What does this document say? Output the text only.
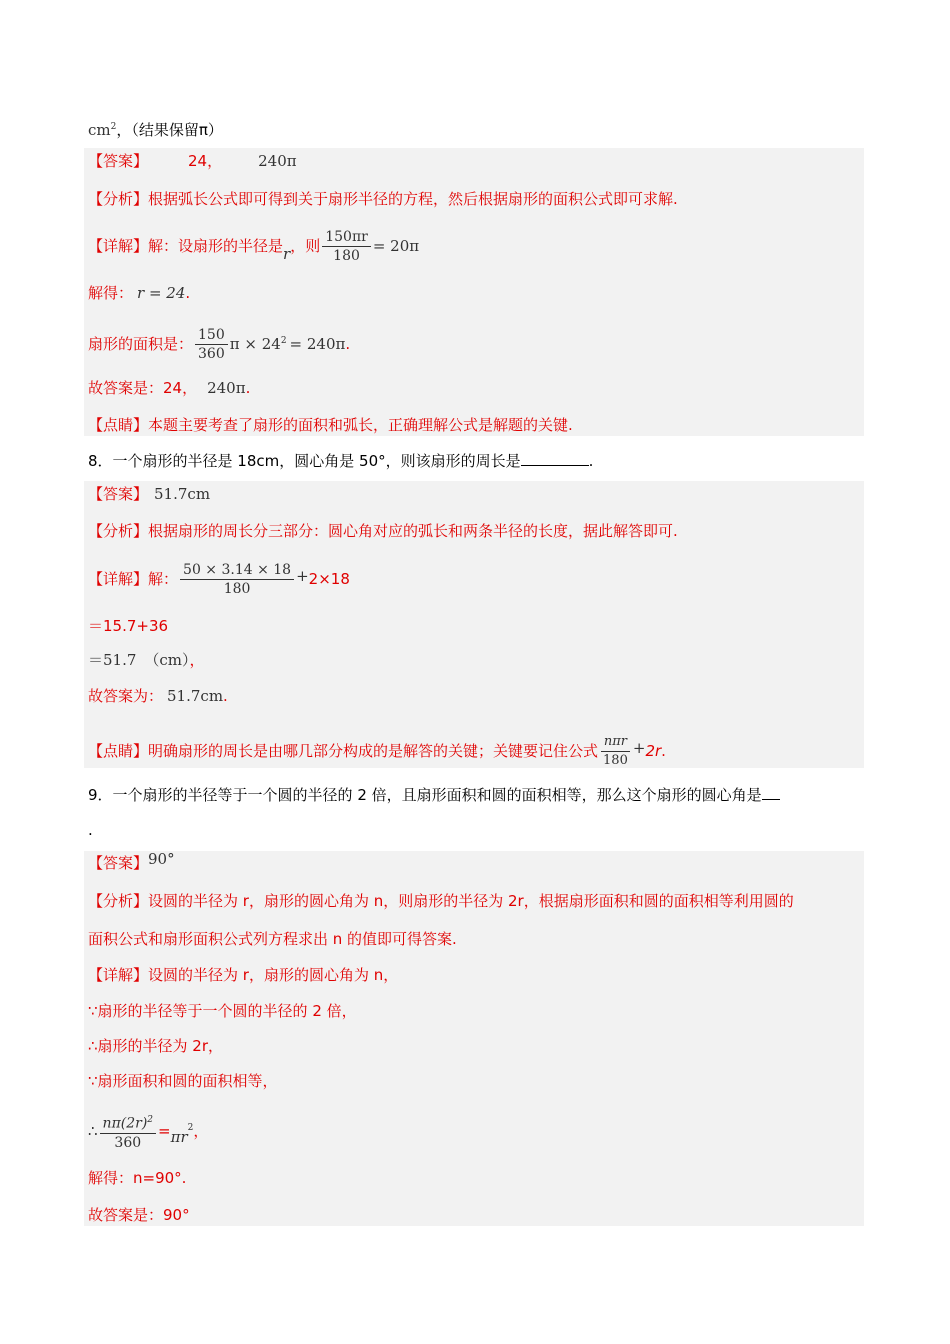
$cm^2$，（结果保留π）
【答案】	24， 240π
【分析】根据弧长公式即可得到关于扇形半径的方程，然后根据扇形的面积公式即可求解.
【详解】解：设扇形的半径是r，则 $\frac{150\pi r}{180} = 20\pi$
解得： r = 24.
扇形的面积是： $\frac{150}{360}$ $\pi \times 24^2 = 240\pi$.
故答案是：24， 240π.
【点睛】本题主要考查了扇形的面积和弧长，正确理解公式是解题的关键.
8．一个扇形的半径是 18cm，圆心角是 50°，则该扇形的周长是	.
【答案】 51.7cm
【分析】根据扇形的周长分三部分：圆心角对应的弧长和两条半径的长度，据此解答即可.
【详解】解： $\frac{50 \times 3.14 \times 18}{180} +2\times 18$
＝15.7+36
＝51.7 （cm），
故答案为： 51.7cm.
【点睛】明确扇形的周长是由哪几部分构成的是解答的关键；关键要记住公式 $\frac{\text{nπr}}{180} +2r$.
9．一个扇形的半径等于一个圆的半径的 2 倍，且扇形面积和圆的面积相等，那么这个扇形的圆心角是
.
【答案】90°
【分析】设圆的半径为 r，扇形的圆心角为 n，则扇形的半径为 2r，根据扇形面积和圆的面积相等利用圆的
面积公式和扇形面积公式列方程求出 n 的值即可得答案.
【详解】设圆的半径为 r，扇形的圆心角为 n，
∵扇形的半径等于一个圆的半径的 2 倍，
∴扇形的半径为 2r，
∵扇形面积和圆的面积相等，
∴ $\frac{n\pi(2r)^2}{360} =\pi r^2$，
解得：n=90°.
故答案是：90°
